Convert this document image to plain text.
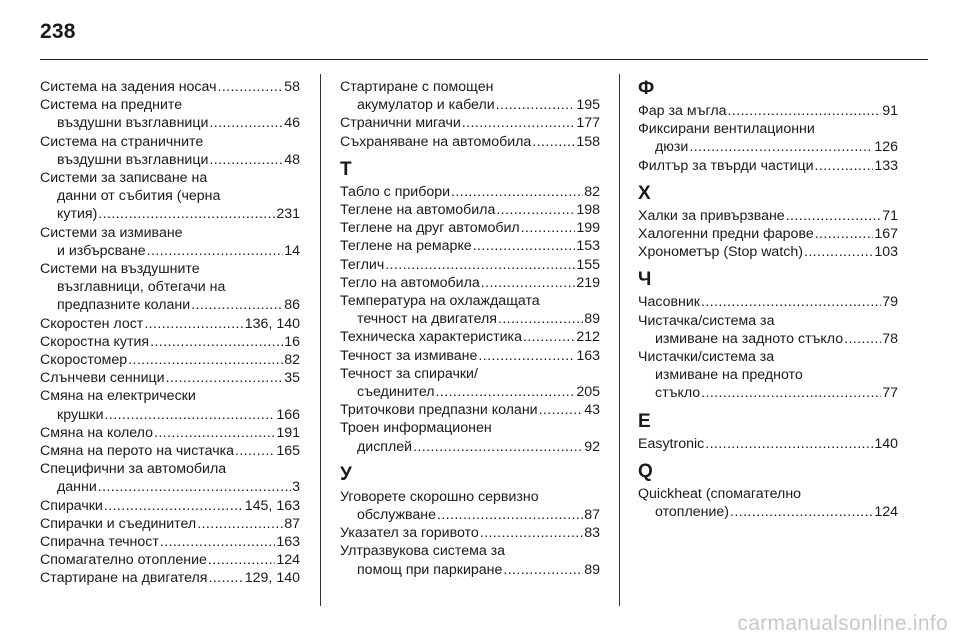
238
Система на задения носач .....	58
Система на предните
въздушни възглавници .....	46
Система на страничните
въздушни възглавници .....	48
Системи за записване на
данни от събития (черна
кутия) .....	231
Системи за измиване
и избърсване .....	14
Системи на въздушните
възглавници, обтегачи на
предпазните колани .....	86
Скоростен лост .....	136, 140
Скоростна кутия .....	16
Скоростомер .....	82
Слънчеви сенници .....	35
Смяна на електрически
крушки .....	166
Смяна на колело .....	191
Смяна на перото на чистачка .....	165
Специфични за автомобила
данни .....	3
Спирачки .....	145, 163
Спирачки и съединител .....	87
Спирачна течност .....	163
Спомагателно отопление .....	124
Стартиране на двигателя .....	129, 140
Стартиране с помощен
акумулатор и кабели .....	195
Странични мигачи .....	177
Съхраняване на автомобила .....	158
Т
Табло с прибори .....	82
Теглене на автомобила .....	198
Теглене на друг автомобил .....	199
Теглене на ремарке .....	153
Теглич .....	155
Тегло на автомобила .....	219
Температура на охлаждащата
течност на двигателя .....	89
Техническа характеристика .....	212
Течност за измиване .....	163
Течност за спирачки/
съединител .....	205
Триточкови предпазни колани .....	43
Троен информационен
дисплей .....	92
У
Уговорете скорошно сервизно
обслужване .....	87
Указател за горивото .....	83
Ултразвукова система за
помощ при паркиране .....	89
Ф
Фар за мъгла .....	91
Фиксирани вентилационни
дюзи .....	126
Филтър за твърди частици .....	133
Х
Халки за привързване .....	71
Халогенни предни фарове .....	167
Хронометър (Stop watch) .....	103
Ч
Часовник .....	79
Чистачка/система за
измиване на задното стъкло .....	78
Чистачки/система за
измиване на предното
стъкло .....	77
E
Easytronic .....	140
Q
Quickheat (спомагателно
отопление) .....	124
carmanualsonline.info
